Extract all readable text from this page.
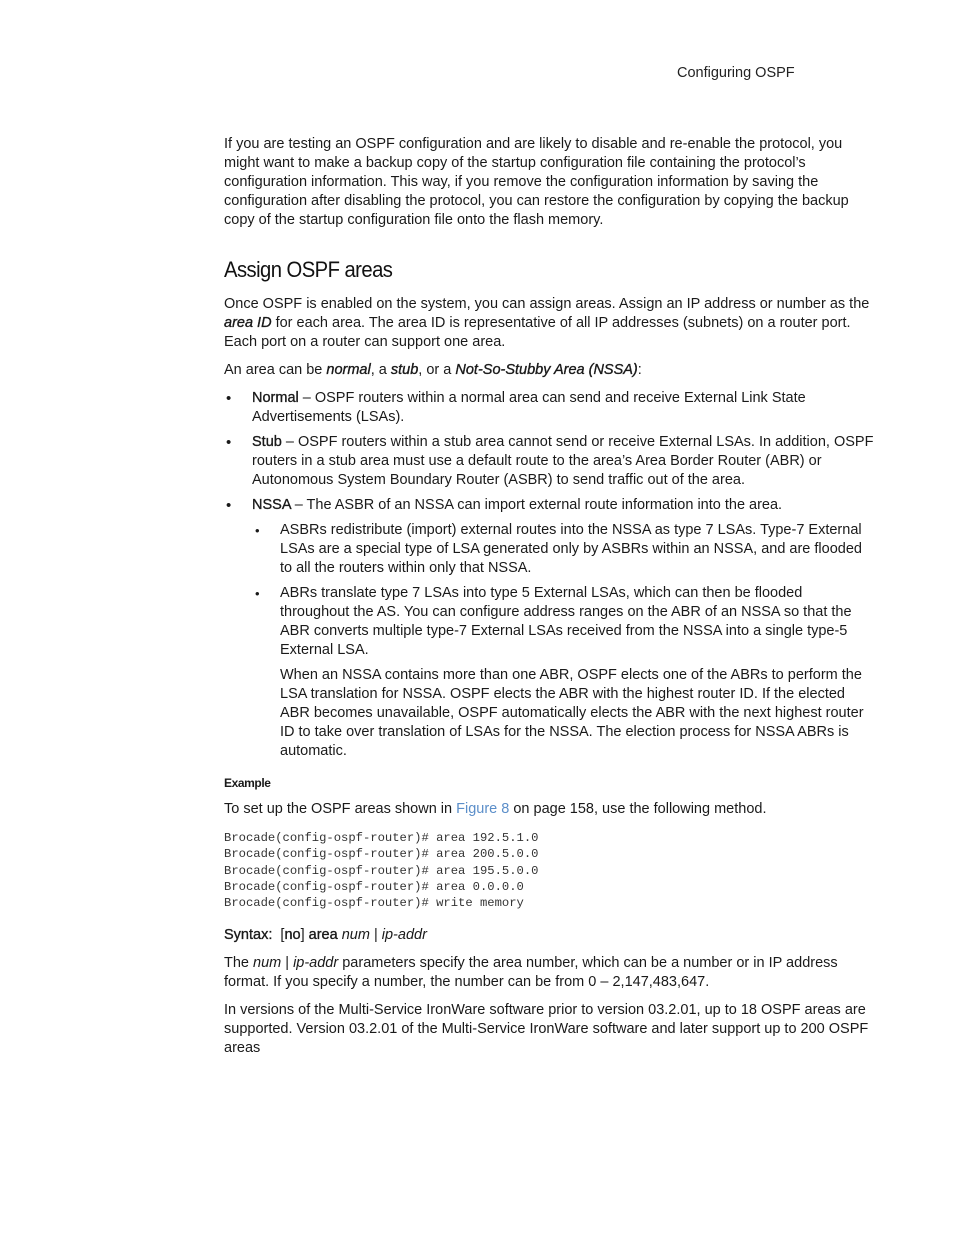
Configuring OSPF

If you are testing an OSPF configuration and are likely to disable and re-enable the protocol, you might want to make a backup copy of the startup configuration file containing the protocol’s configuration information. This way, if you remove the configuration information by saving the configuration after disabling the protocol, you can restore the configuration by copying the backup copy of the startup configuration file onto the flash memory.

Assign OSPF areas

Once OSPF is enabled on the system, you can assign areas. Assign an IP address or number as the area ID for each area. The area ID is representative of all IP addresses (subnets) on a router port. Each port on a router can support one area.

An area can be normal, a stub, or a Not-So-Stubby Area (NSSA):

• Normal – OSPF routers within a normal area can send and receive External Link State Advertisements (LSAs).
• Stub – OSPF routers within a stub area cannot send or receive External LSAs. In addition, OSPF routers in a stub area must use a default route to the area’s Area Border Router (ABR) or Autonomous System Boundary Router (ASBR) to send traffic out of the area.
• NSSA – The ASBR of an NSSA can import external route information into the area.
• ASBRs redistribute (import) external routes into the NSSA as type 7 LSAs. Type-7 External LSAs are a special type of LSA generated only by ASBRs within an NSSA, and are flooded to all the routers within only that NSSA.
• ABRs translate type 7 LSAs into type 5 External LSAs, which can then be flooded throughout the AS. You can configure address ranges on the ABR of an NSSA so that the ABR converts multiple type-7 External LSAs received from the NSSA into a single type-5 External LSA.

When an NSSA contains more than one ABR, OSPF elects one of the ABRs to perform the LSA translation for NSSA. OSPF elects the ABR with the highest router ID. If the elected ABR becomes unavailable, OSPF automatically elects the ABR with the next highest router ID to take over translation of LSAs for the NSSA. The election process for NSSA ABRs is automatic.

Example

To set up the OSPF areas shown in Figure 8 on page 158, use the following method.

Brocade(config-ospf-router)# area 192.5.1.0
Brocade(config-ospf-router)# area 200.5.0.0
Brocade(config-ospf-router)# area 195.5.0.0
Brocade(config-ospf-router)# area 0.0.0.0
Brocade(config-ospf-router)# write memory

Syntax: [no] area num | ip-addr

The num | ip-addr parameters specify the area number, which can be a number or in IP address format. If you specify a number, the number can be from 0 – 2,147,483,647.

In versions of the Multi-Service IronWare software prior to version 03.2.01, up to 18 OSPF areas are supported. Version 03.2.01 of the Multi-Service IronWare software and later support up to 200 OSPF areas
